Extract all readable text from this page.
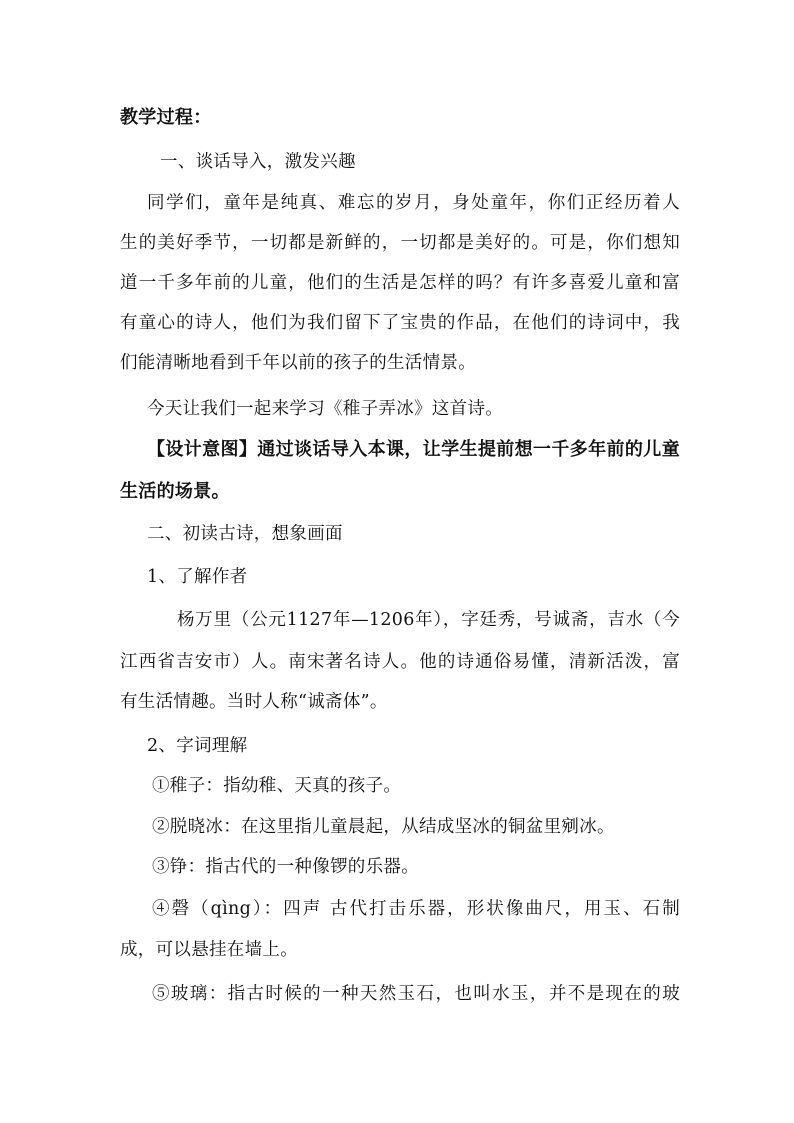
教学过程：
一、谈话导入，激发兴趣
同学们，童年是纯真、难忘的岁月，身处童年，你们正经历着人
生的美好季节，一切都是新鲜的，一切都是美好的。可是，你们想知
道一千多年前的儿童，他们的生活是怎样的吗？有许多喜爱儿童和富
有童心的诗人，他们为我们留下了宝贵的作品，在他们的诗词中，我
们能清晰地看到千年以前的孩子的生活情景。
今天让我们一起来学习《稚子弄冰》这首诗。
【设计意图】通过谈话导入本课，让学生提前想一千多年前的儿童
生活的场景。
二、初读古诗，想象画面
1、了解作者
杨万里（公元1127年—1206年），字廷秀，号诚斋，吉水（今
江西省吉安市）人。南宋著名诗人。他的诗通俗易懂，清新活泼，富
有生活情趣。当时人称“诚斋体”。
2、字词理解
①稚子：指幼稚、天真的孩子。
②脱晓冰：在这里指儿童晨起，从结成坚冰的铜盆里剜冰。
③铮：指古代的一种像锣的乐器。
④磬（qìng）：四声 古代打击乐器，形状像曲尺，用玉、石制
成，可以悬挂在墙上。
⑤玻璃：指古时候的一种天然玉石，也叫水玉，并不是现在的玻
